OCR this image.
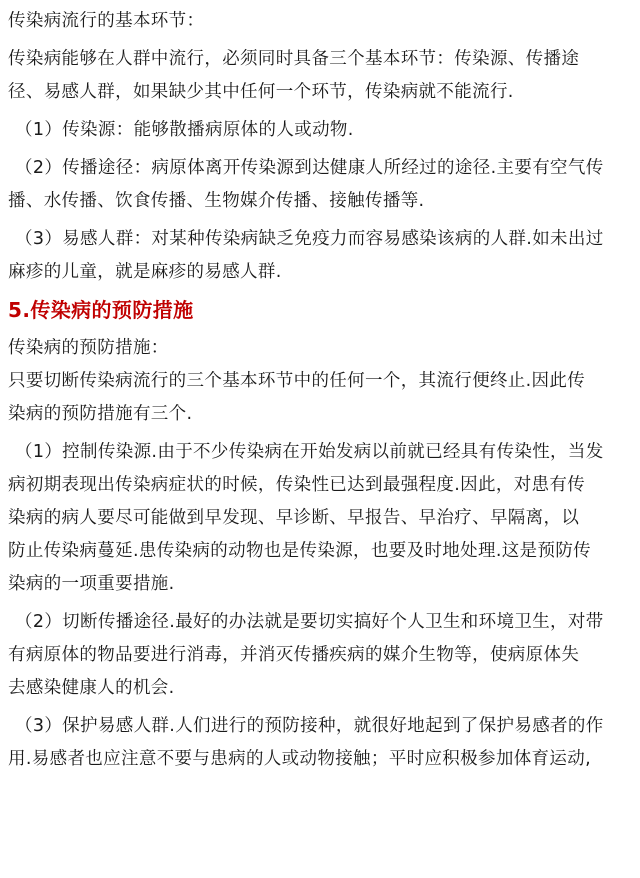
传染病流行的基本环节：
传染病能够在人群中流行，必须同时具备三个基本环节：传染源、传播途
径、易感人群，如果缺少其中任何一个环节，传染病就不能流行.
（1）传染源：能够散播病原体的人或动物.
（2）传播途径：病原体离开传染源到达健康人所经过的途径.主要有空气传
播、水传播、饮食传播、生物媒介传播、接触传播等.
（3）易感人群：对某种传染病缺乏免疫力而容易感染该病的人群.如未出过
麻疹的儿童，就是麻疹的易感人群.
5.传染病的预防措施
传染病的预防措施：
只要切断传染病流行的三个基本环节中的任何一个，其流行便终止.因此传
染病的预防措施有三个.
（1）控制传染源.由于不少传染病在开始发病以前就已经具有传染性，当发
病初期表现出传染病症状的时候，传染性已达到最强程度.因此，对患有传
染病的病人要尽可能做到早发现、早诊断、早报告、早治疗、早隔离，以
防止传染病蔓延.患传染病的动物也是传染源，也要及时地处理.这是预防传
染病的一项重要措施.
（2）切断传播途径.最好的办法就是要切实搞好个人卫生和环境卫生，对带
有病原体的物品要进行消毒，并消灭传播疾病的媒介生物等，使病原体失
去感染健康人的机会.
（3）保护易感人群.人们进行的预防接种，就很好地起到了保护易感者的作
用.易感者也应注意不要与患病的人或动物接触；平时应积极参加体育运动,
